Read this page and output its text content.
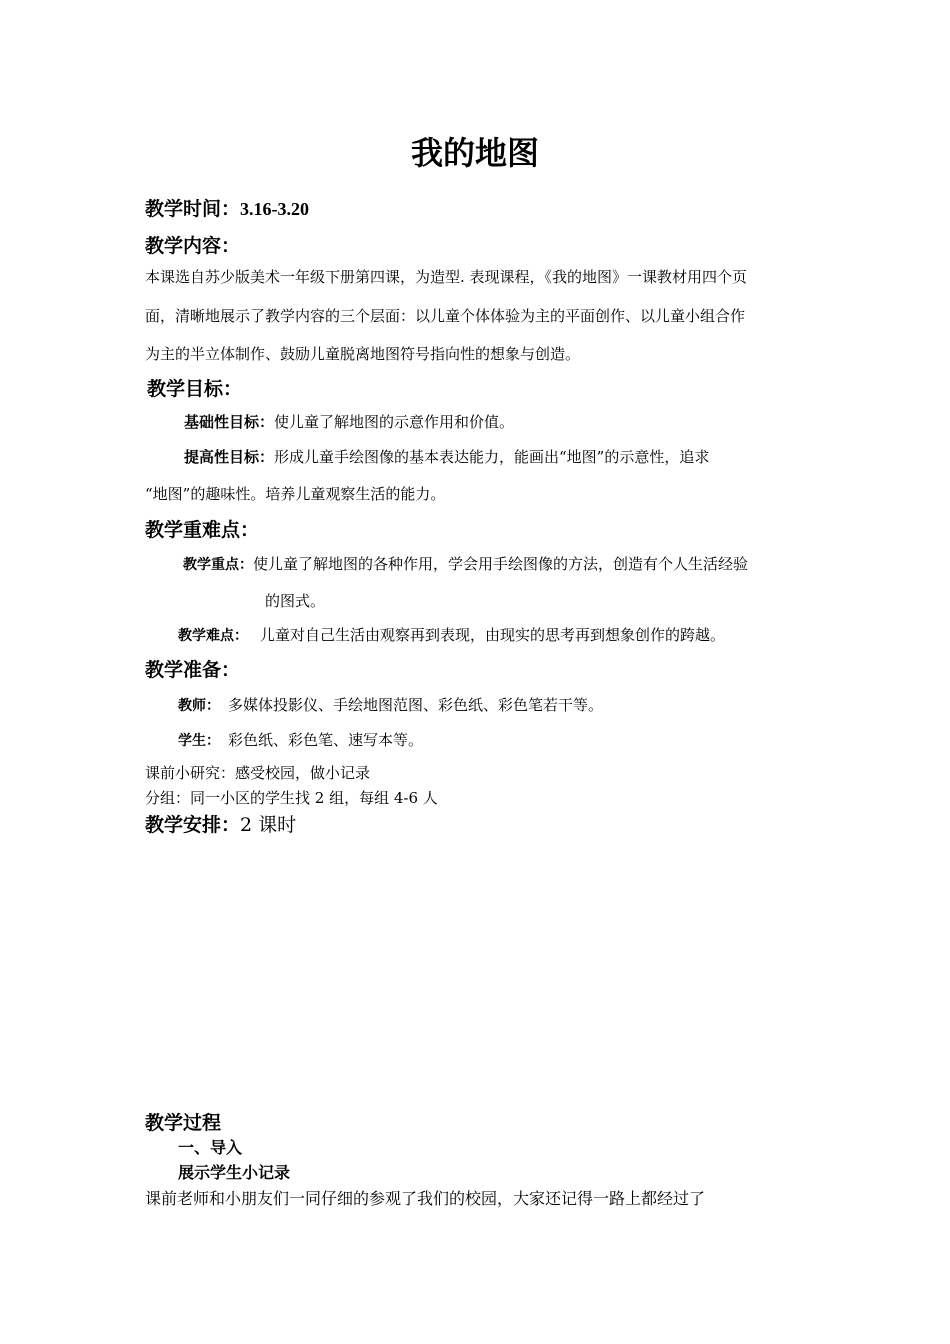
我的地图
教学时间：3.16-3.20
教学内容：
本课选自苏少版美术一年级下册第四课，为造型. 表现课程，《我的地图》一课教材用四个页
面，清晰地展示了教学内容的三个层面：以儿童个体体验为主的平面创作、以儿童小组合作
为主的半立体制作、鼓励儿童脱离地图符号指向性的想象与创造。
教学目标：
基础性目标：使儿童了解地图的示意作用和价值。
提高性目标：形成儿童手绘图像的基本表达能力，能画出“地图”的示意性，追求
“地图”的趣味性。培养儿童观察生活的能力。
教学重难点：
教学重点：使儿童了解地图的各种作用，学会用手绘图像的方法，创造有个人生活经验
的图式。
教学难点： 儿童对自己生活由观察再到表现，由现实的思考再到想象创作的跨越。
教学准备：
教师： 多媒体投影仪、手绘地图范图、彩色纸、彩色笔若干等。
学生： 彩色纸、彩色笔、速写本等。
课前小研究：感受校园，做小记录
分组：同一小区的学生找 2 组，每组 4-6 人
教学安排：2 课时
教学过程
一、导入
展示学生小记录
课前老师和小朋友们一同仔细的参观了我们的校园，大家还记得一路上都经过了
